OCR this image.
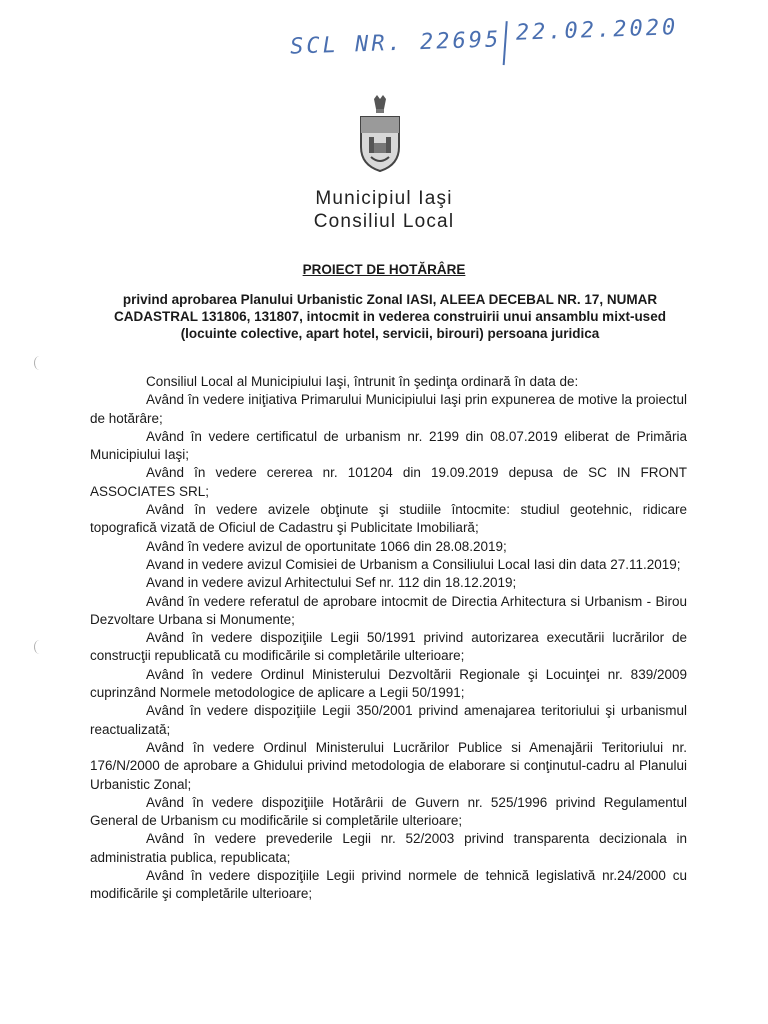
SCL NR. 22695 22.02.2020
Municipiul Iaşi
Consiliul Local
PROIECT DE HOTĂRÂRE
privind aprobarea Planului Urbanistic Zonal IASI, ALEEA DECEBAL NR. 17, NUMAR CADASTRAL 131806, 131807, intocmit in vederea construirii unui ansamblu mixt-used (locuinte colective, apart hotel, servicii, birouri) persoana juridica

Consiliul Local al Municipiului Iaşi, întrunit în şedinţa ordinară în data de:

Având în vedere iniţiativa Primarului Municipiului Iaşi prin expunerea de motive la proiectul de hotărâre;

Având în vedere certificatul de urbanism nr. 2199 din 08.07.2019 eliberat de Primăria Municipiului Iaşi;

Având în vedere cererea nr. 101204 din 19.09.2019 depusa de SC IN FRONT ASSOCIATES SRL;

Având în vedere avizele obţinute şi studiile întocmite: studiul geotehnic, ridicare topografică vizată de Oficiul de Cadastru şi Publicitate Imobiliară;

Având în vedere avizul de oportunitate 1066 din 28.08.2019;

Avand in vedere avizul Comisiei de Urbanism a Consiliului Local Iasi din data 27.11.2019;

Avand in vedere avizul Arhitectului Sef nr. 112 din 18.12.2019;

Având în vedere referatul de aprobare intocmit de Directia Arhitectura si Urbanism - Birou Dezvoltare Urbana si Monumente;

Având în vedere dispoziţiile Legii 50/1991 privind autorizarea executării lucrărilor de construcţii republicată cu modificările si completările ulterioare;

Având în vedere Ordinul Ministerului Dezvoltării Regionale şi Locuinţei nr. 839/2009 cuprinzând Normele metodologice de aplicare a Legii 50/1991;

Având în vedere dispoziţiile Legii 350/2001 privind amenajarea teritoriului şi urbanismul reactualizată;

Având în vedere Ordinul Ministerului Lucrărilor Publice si Amenajării Teritoriului nr. 176/N/2000 de aprobare a Ghidului privind metodologia de elaborare si conţinutul-cadru al Planului Urbanistic Zonal;

Având în vedere dispoziţiile Hotărârii de Guvern nr. 525/1996 privind Regulamentul General de Urbanism cu modificările si completările ulterioare;

Având în vedere prevederile Legii nr. 52/2003 privind transparenta decizionala in administratia publica, republicata;

Având în vedere dispoziţiile Legii privind normele de tehnică legislativă nr.24/2000 cu modificările şi completările ulterioare;
